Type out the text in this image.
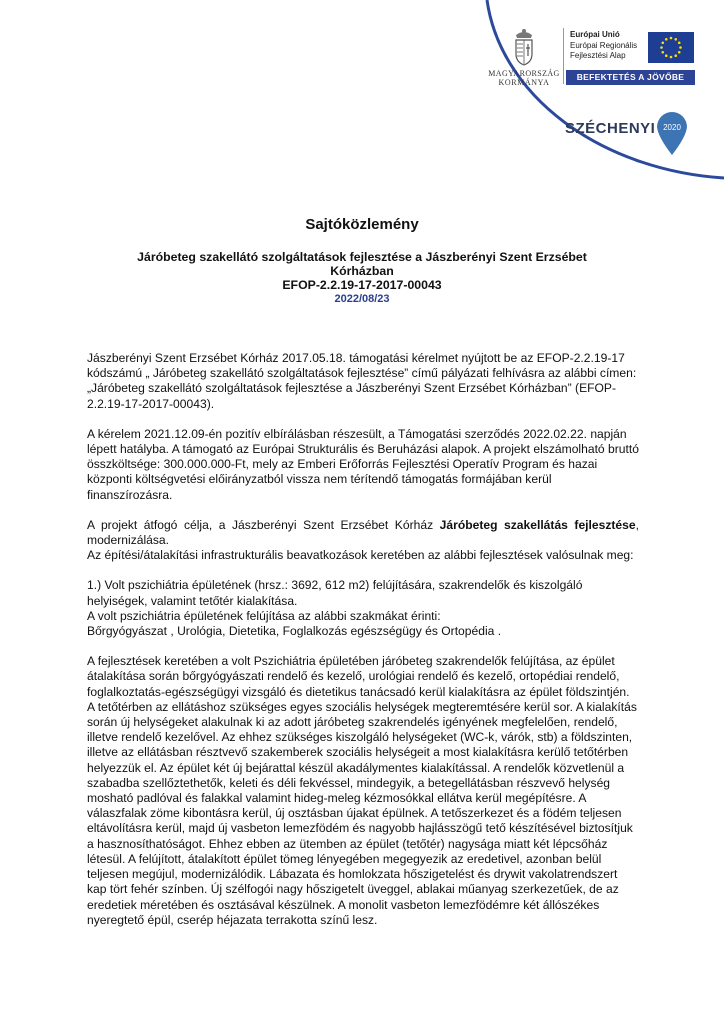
MAGYARORSZÁG
KORMÁNYA
Európai Unió
Európai Regionális
Fejlesztési Alap
BEFEKTETÉS A JÖVŐBE
SZÉCHENYI 2020
Sajtóközlemény
Járóbeteg szakellátó szolgáltatások fejlesztése a Jászberényi Szent Erzsébet
Kórházban
EFOP-2.2.19-17-2017-00043
2022/08/23

Jászberényi Szent Erzsébet Kórház 2017.05.18. támogatási kérelmet nyújtott be az EFOP-2.2.19-17 kódszámú „ Járóbeteg szakellátó szolgáltatások fejlesztése” című pályázati felhívásra az alábbi címen: „Járóbeteg szakellátó szolgáltatások fejlesztése a Jászberényi Szent Erzsébet Kórházban” (EFOP-2.2.19-17-2017-00043).

A kérelem 2021.12.09-én pozitív elbírálásban részesült, a Támogatási szerződés 2022.02.22. napján lépett hatályba. A támogató az Európai Strukturális és Beruházási alapok. A projekt elszámolható bruttó összköltsége: 300.000.000-Ft, mely az Emberi Erőforrás Fejlesztési Operatív Program és hazai központi költségvetési előirányzatból vissza nem térítendő támogatás formájában kerül finanszírozásra.

A projekt átfogó célja, a Jászberényi Szent Erzsébet Kórház Járóbeteg szakellátás fejlesztése, modernizálása.
Az építési/átalakítási infrastrukturális beavatkozások keretében az alábbi fejlesztések valósulnak meg:

1.) Volt pszichiátria épületének (hrsz.: 3692, 612 m2) felújítására, szakrendelők és kiszolgáló helyiségek, valamint tetőtér kialakítása.
A volt pszichiátria épületének felújítása az alábbi szakmákat érinti:
Bőrgyógyászat , Urológia, Dietetika, Foglalkozás egészségügy és Ortopédia .

A fejlesztések keretében a volt Pszichiátria épületében járóbeteg szakrendelők felújítása, az épület átalakítása során bőrgyógyászati rendelő és kezelő, urológiai rendelő és kezelő, ortopédiai rendelő, foglalkoztatás-egészségügyi vizsgáló és dietetikus tanácsadó kerül kialakításra az épület földszintjén. A tetőtérben az ellátáshoz szükséges egyes szociális helységek megteremtésére kerül sor. A kialakítás során új helységeket alakulnak ki az adott járóbeteg szakrendelés igényének megfelelően, rendelő, illetve rendelő kezelővel. Az ehhez szükséges kiszolgáló helységeket (WC-k, várók, stb) a földszinten, illetve az ellátásban résztvevő szakemberek szociális helységeit a most kialakításra kerülő tetőtérben helyezzük el. Az épület két új bejárattal készül akadálymentes kialakítással. A rendelők közvetlenül a szabadba szellőztethetők, keleti és déli fekvéssel, mindegyik, a betegellátásban részvevő helység mosható padlóval és falakkal valamint hideg-meleg kézmosókkal ellátva kerül megépítésre. A válaszfalak zöme kibontásra kerül, új osztásban újakat épülnek. A tetőszerkezet és a födém teljesen eltávolításra kerül, majd új vasbeton lemezfödém és nagyobb hajlásszögű tető készítésével biztosítjuk a hasznosíthatóságot. Ehhez ebben az ütemben az épület (tetőtér) nagysága miatt két lépcsőház létesül. A felújított, átalakított épület tömeg lényegében megegyezik az eredetivel, azonban belül teljesen megújul, modernizálódik. Lábazata és homlokzata hőszigetelést és drywit vakolatrendszert kap tört fehér színben. Új szélfogói nagy hőszigetelt üveggel, ablakai műanyag szerkezetűek, de az eredetiek méretében és osztásával készülnek. A monolit vasbeton lemezfödémre két állószékes nyeregtető épül, cserép héjazata terrakotta színű lesz.
